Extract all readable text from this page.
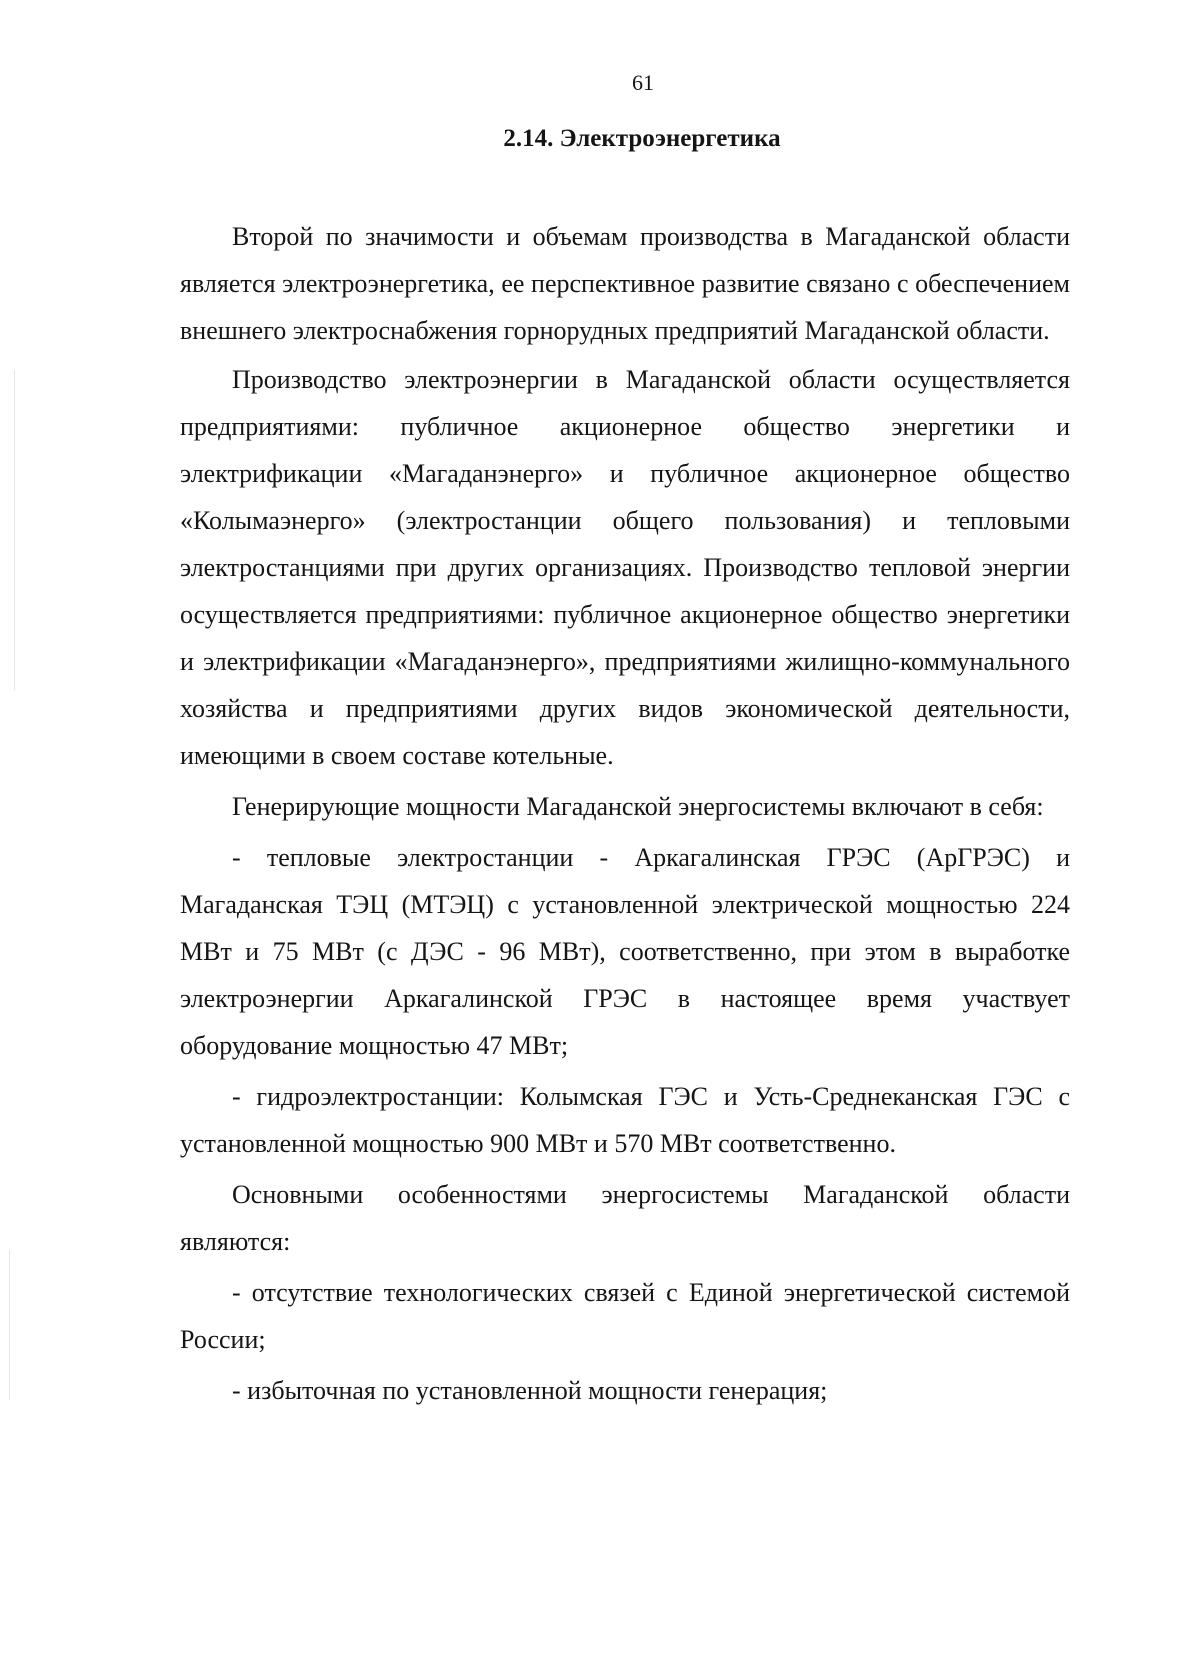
61
2.14. Электроэнергетика

Второй по значимости и объемам производства в Магаданской области является электроэнергетика, ее перспективное развитие связано с обеспечением внешнего электроснабжения горнорудных предприятий Магаданской области.

Производство электроэнергии в Магаданской области осуществляется предприятиями: публичное акционерное общество энергетики и электрификации «Магаданэнерго» и публичное акционерное общество «Колымаэнерго» (электростанции общего пользования) и тепловыми электростанциями при других организациях. Производство тепловой энергии осуществляется предприятиями: публичное акционерное общество энергетики и электрификации «Магаданэнерго», предприятиями жилищно-коммунального хозяйства и предприятиями других видов экономической деятельности, имеющими в своем составе котельные.

Генерирующие мощности Магаданской энергосистемы включают в себя:

- тепловые электростанции - Аркагалинская ГРЭС (АрГРЭС) и Магаданская ТЭЦ (МТЭЦ) с установленной электрической мощностью 224 МВт и 75 МВт (с ДЭС - 96 МВт), соответственно, при этом в выработке электроэнергии Аркагалинской ГРЭС в настоящее время участвует оборудование мощностью 47 МВт;

- гидроэлектростанции: Колымская ГЭС и Усть-Среднеканская ГЭС с установленной мощностью 900 МВт и 570 МВт соответственно.

Основными особенностями энергосистемы Магаданской области являются:

- отсутствие технологических связей с Единой энергетической системой России;

- избыточная по установленной мощности генерация;
